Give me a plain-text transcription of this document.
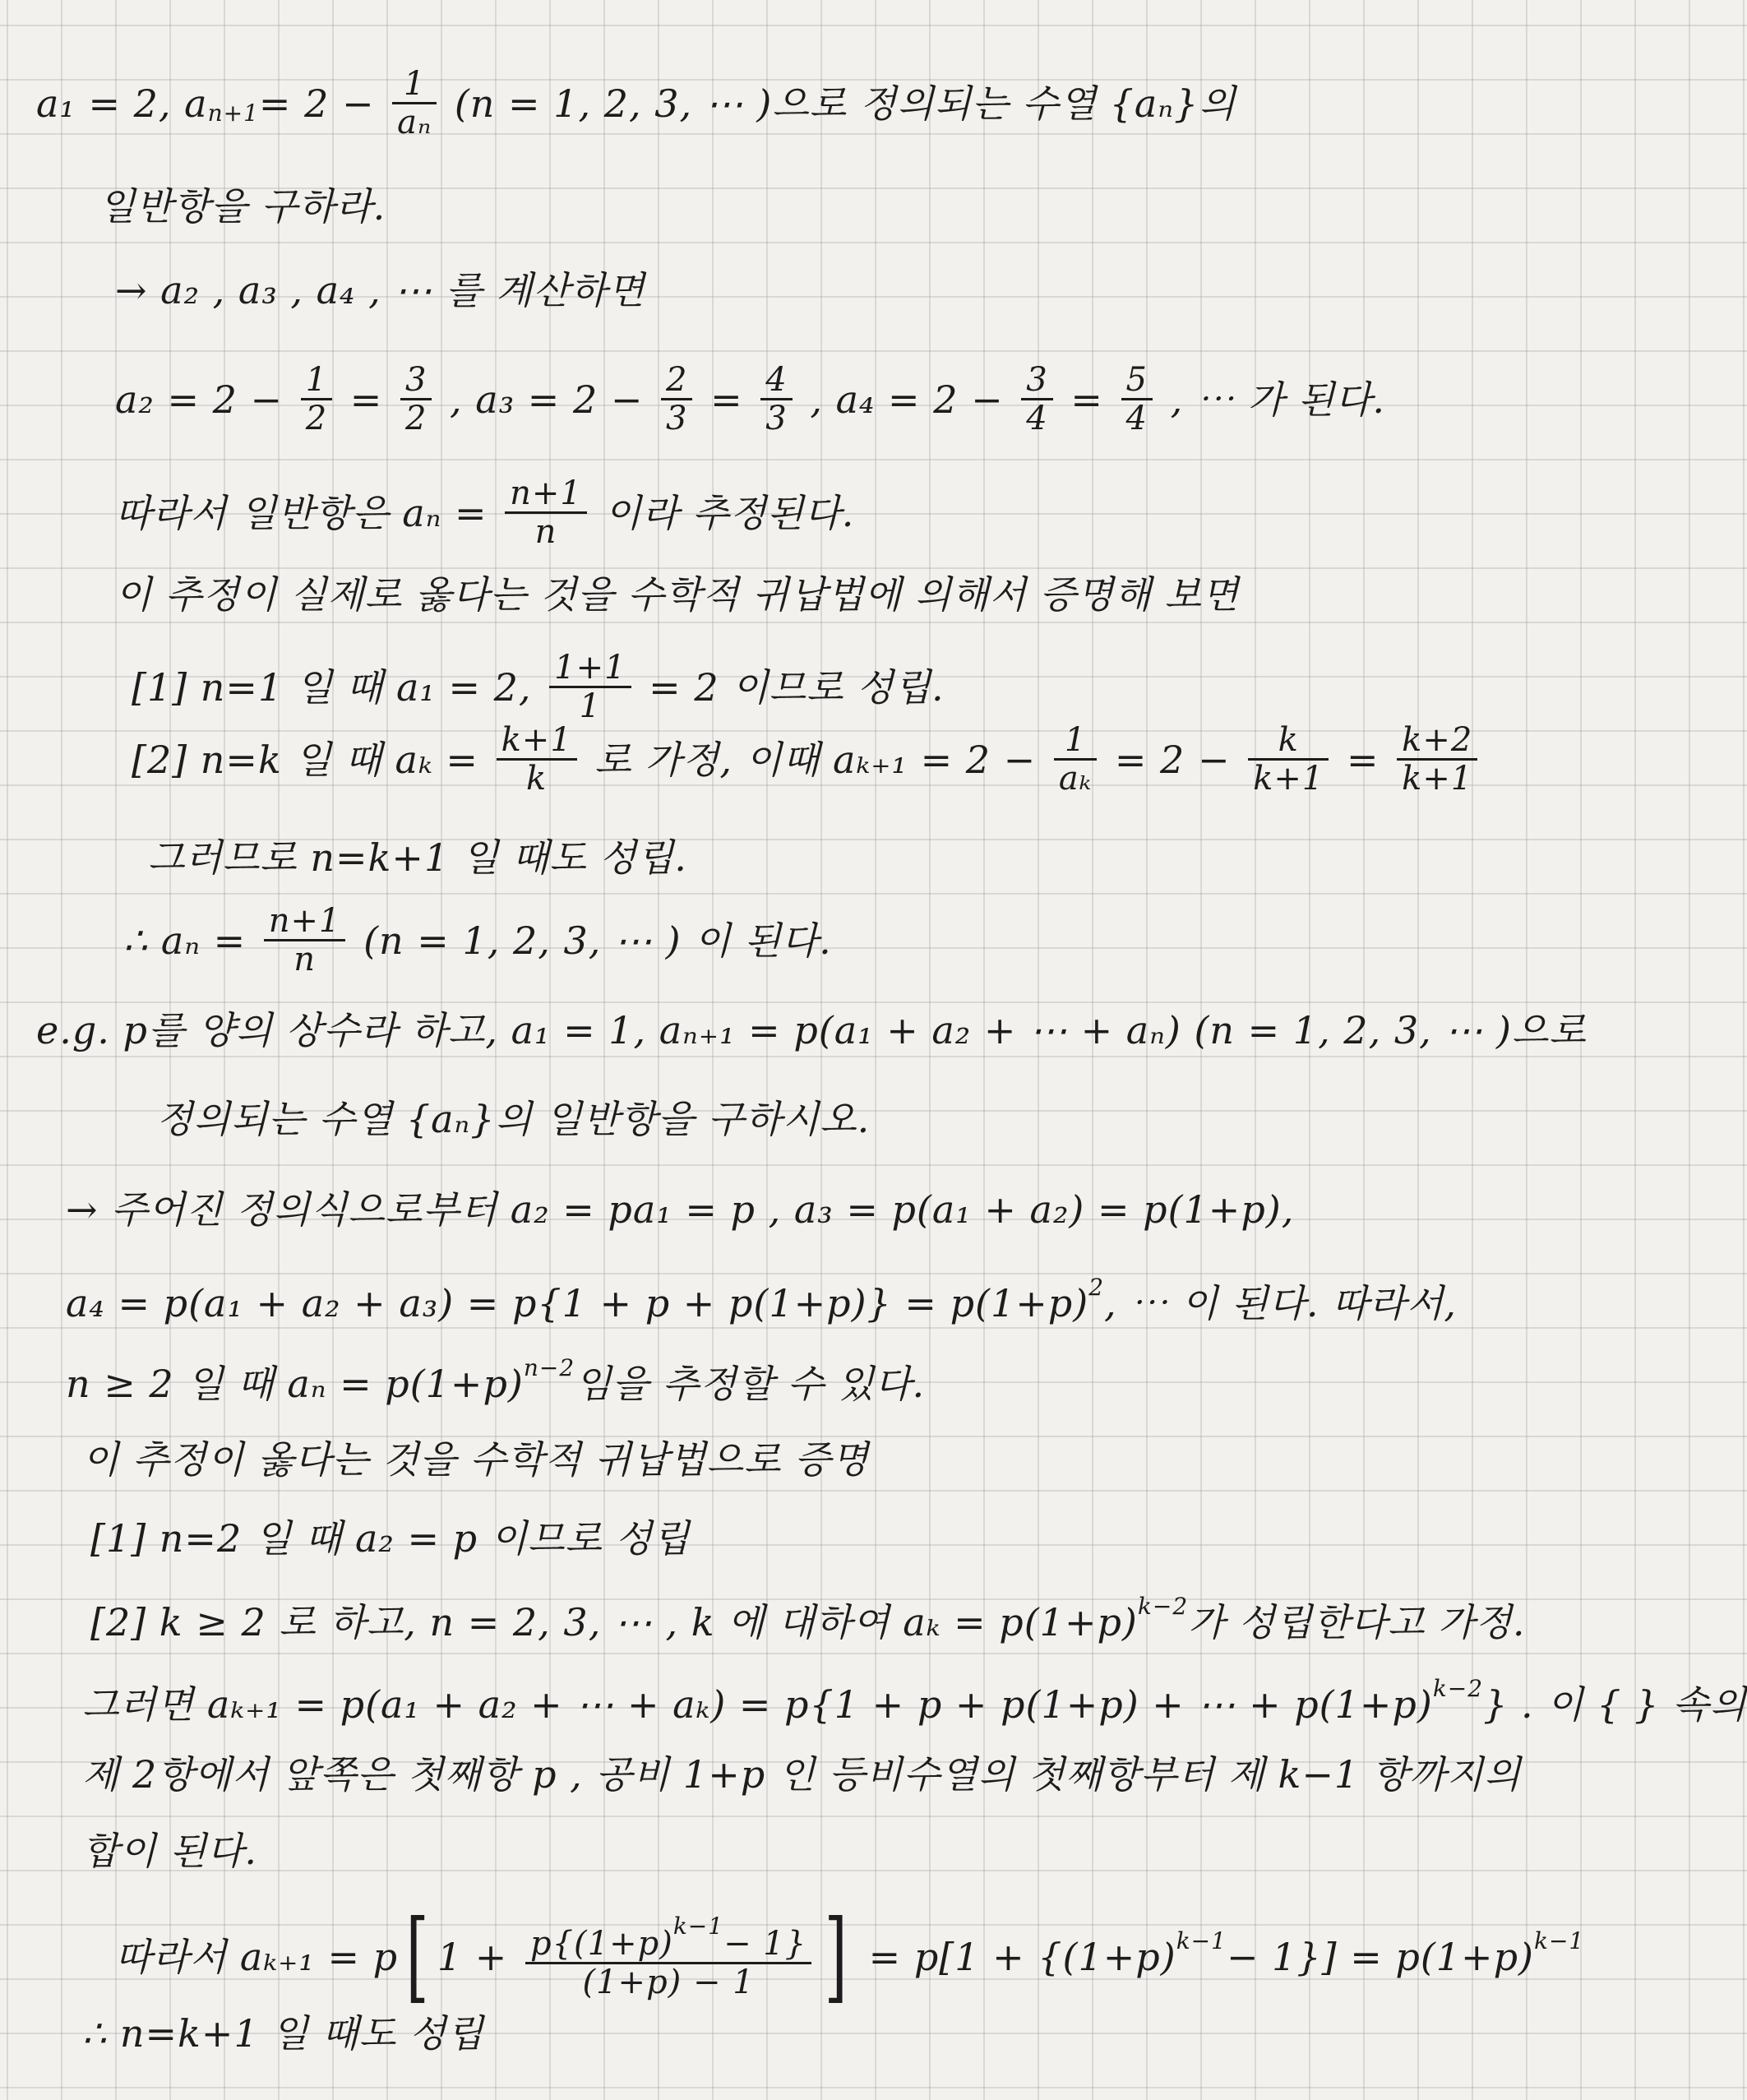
a₁ = 2, $a_{n+1}= 2 - \frac{1}{\text{aₙ}} (n = 1$, 2, 3, ⋯ )으로 정의되는 수열 {aₙ}의
일반항을 구하라.
→ a₂ , a₃ , a₄ , ⋯ 를 계산하면
$a_2 = 2 - \frac{1}{2} = \frac{3}{2}$ , $a_3 = 2 - \frac{2}{3} = \frac{4}{3}$ , $a_4 = 2 - \frac{3}{4} = \frac{5}{4}$ , ⋯ 가 된다.
따라서 일반항은 $a_n = \frac{n+1}{n}$ 이라 추정된다.
이 추정이 실제로 옳다는 것을 수학적 귀납법에 의해서 증명해 보면
[1] n=1 일 때 a₁ = 2, $\frac{1+1}{1} = 2$ 이므로 성립.
[2] n=k 일 때 $a_k = \frac{k+1}{k}$ 로 가정, 이때 $a_{k+1} = 2 - \frac{1}{\text{aₖ}} = 2 - \frac{k}{k+1} = \frac{k+2}{k+1}$
그러므로 n=k+1 일 때도 성립.
∴ $a_n = \frac{n+1}{n} (n = 1$, 2, 3, ⋯ ) 이 된다.
e.g. p를 양의 상수라 하고, a₁ = 1, aₙ₊₁ = p(a₁ + a₂ + ⋯ + aₙ) (n = 1, 2, 3, ⋯ )으로
정의되는 수열 {aₙ}의 일반항을 구하시오.
→ 주어진 정의식으로부터 a₂ = pa₁ = p , a₃ = p(a₁ + a₂) = p(1+p),
$a_4 = p(a_1 + a_2 + a_3) = p\{1 + p + p(1+p)\} = p(1+p)^2$, ⋯ 이 된다. 따라서,
n ≥ 2 일 때 $a_n = p(1+p)^{n-2}$임을 추정할 수 있다.
이 추정이 옳다는 것을 수학적 귀납법으로 증명
[1] n=2 일 때 a₂ = p 이므로 성립
[2] k ≥ 2 로 하고, n = 2, 3, ⋯ , k 에 대하여 $a_k = p(1+p)^{k-2}$가 성립한다고 가정.
그러면 aₖ₊₁ = p(a₁ + a₂ + ⋯ + aₖ) = p{1 + p + p(1+p) + ⋯ + $p(1+p)^{k-2}$} . 이 { } 속의
제 2항에서 앞쪽은 첫째항 p , 공비 1+p 인 등비수열의 첫째항부터 제 k−1 항까지의
합이 된다.
따라서 aₖ₊₁ = p[ $1 + \frac{p\{(1+p)^{k-1}- 1\}}{(1+p) - 1}$ ] = $p[1 + \{(1+p)^{k-1}- 1\}] = p(1+p)^{k-1}$
∴ n=k+1 일 때도 성립
